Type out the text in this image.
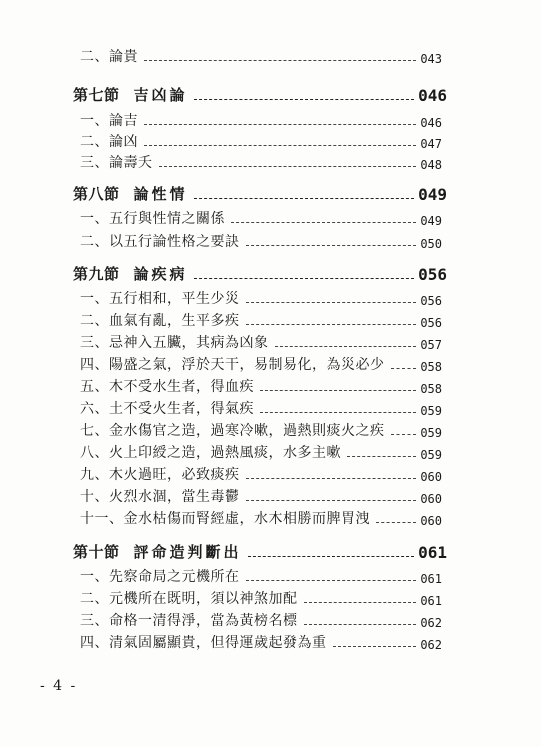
二、論貴	043
第七節 吉凶論	046
一、論吉	046
二、論凶	047
三、論壽夭	048
第八節 論性情	049
一、五行與性情之關係	049
二、以五行論性格之要訣	050
第九節 論疾病	056
一、五行相和，平生少災	056
二、血氣有亂，生平多疾	056
三、忌神入五臟，其病為凶象	057
四、陽盛之氣，浮於天干，易制易化，為災必少	058
五、木不受水生者，得血疾	058
六、土不受火生者，得氣疾	059
七、金水傷官之造，過寒冷嗽，過熱則痰火之疾	059
八、火上印綬之造，過熱風痰，水多主嗽	059
九、木火過旺，必致痰疾	060
十、火烈水涸，當生毒鬱	060
十一、金水枯傷而腎經虛，水木相勝而脾胃洩	060
第十節 評命造判斷出	061
一、先察命局之元機所在	061
二、元機所在既明，須以神煞加配	061
三、命格一清得淨，當為黃榜名標	062
四、清氣固屬顯貴，但得運歲起發為重	062
- 4 -
